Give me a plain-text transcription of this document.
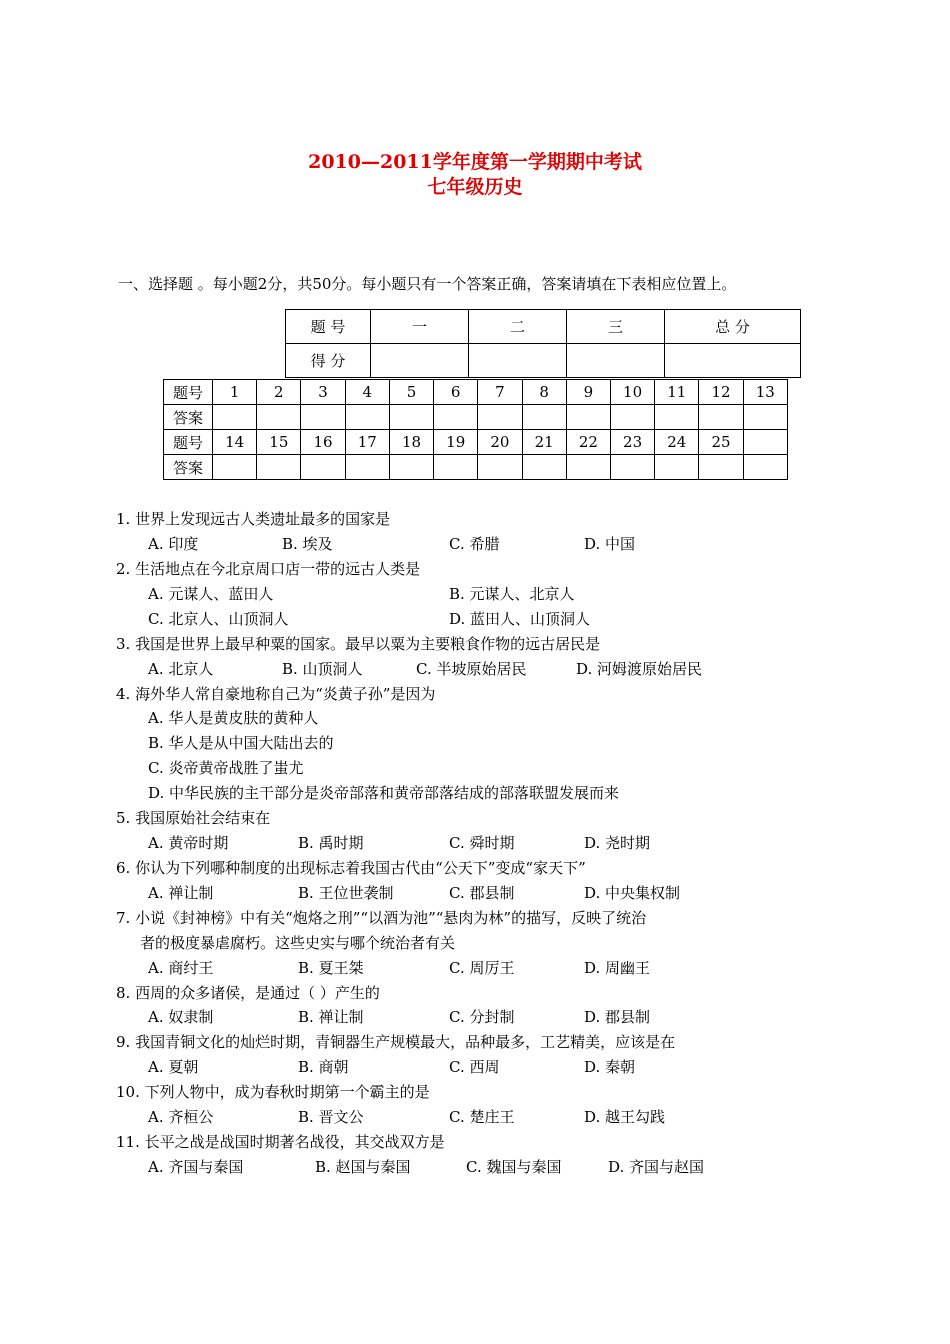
2010—2011学年度第一学期期中考试
七年级历史
一、选择题 。每小题2分，共50分。每小题只有一个答案正确，答案请填在下表相应位置上。
题 号	一	二	三	总 分
得 分				
题号	1	2	3	4	5	6	7	8	9	10	11	12	13
答案													
题号	14	15	16	17	18	19	20	21	22	23	24	25	
答案													
1. 世界上发现远古人类遗址最多的国家是
A. 印度	B. 埃及	C. 希腊	D. 中国
2. 生活地点在今北京周口店一带的远古人类是
A. 元谋人、蓝田人	B. 元谋人、北京人
C. 北京人、山顶洞人	D. 蓝田人、山顶洞人
3. 我国是世界上最早种粟的国家。最早以粟为主要粮食作物的远古居民是
A. 北京人	B. 山顶洞人	C. 半坡原始居民	D. 河姆渡原始居民
4. 海外华人常自豪地称自己为“炎黄子孙”是因为
A. 华人是黄皮肤的黄种人
B. 华人是从中国大陆出去的
C. 炎帝黄帝战胜了蚩尤
D. 中华民族的主干部分是炎帝部落和黄帝部落结成的部落联盟发展而来
5. 我国原始社会结束在
A. 黄帝时期	B. 禹时期	C. 舜时期	D. 尧时期
6. 你认为下列哪种制度的出现标志着我国古代由“公天下”变成“家天下”
A. 禅让制	B. 王位世袭制	C. 郡县制	D. 中央集权制
7. 小说《封神榜》中有关“炮烙之刑”“以酒为池”“悬肉为林”的描写，反映了统治
者的极度暴虐腐朽。这些史实与哪个统治者有关
A. 商纣王	B. 夏王桀	C. 周厉王	D. 周幽王
8. 西周的众多诸侯，是通过（ ）产生的
A. 奴隶制	B. 禅让制	C. 分封制	D. 郡县制
9. 我国青铜文化的灿烂时期，青铜器生产规模最大，品种最多，工艺精美，应该是在
A. 夏朝	B. 商朝	C. 西周	D. 秦朝
10. 下列人物中，成为春秋时期第一个霸主的是
A. 齐桓公	B. 晋文公	C. 楚庄王	D. 越王勾践
11. 长平之战是战国时期著名战役，其交战双方是
A. 齐国与秦国	B. 赵国与秦国	C. 魏国与秦国	D. 齐国与赵国
